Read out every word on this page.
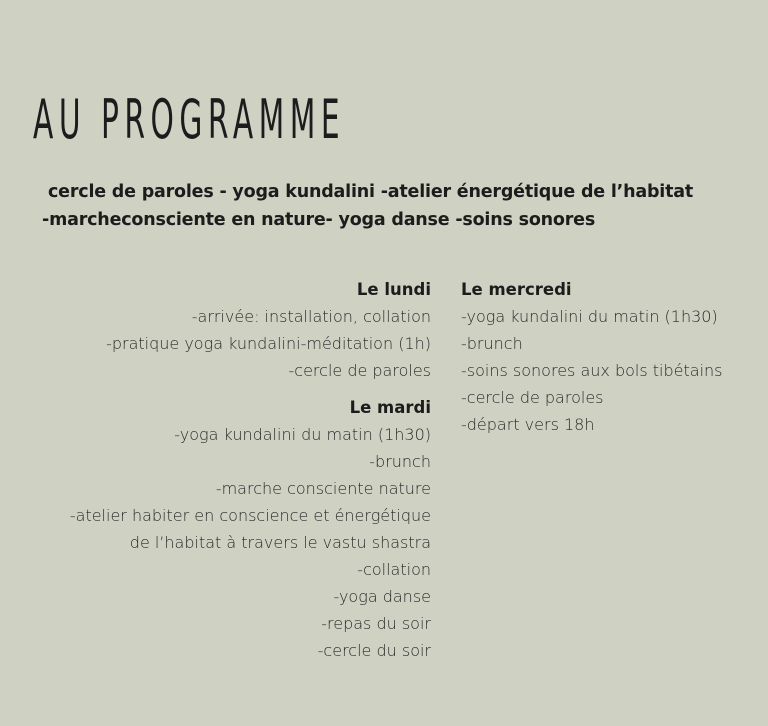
AU PROGRAMME
cercle de paroles - yoga kundalini -atelier énergétique de l’habitat
-marcheconsciente en nature- yoga danse -soins sonores
Le lundi
-arrivée: installation, collation
-pratique yoga kundalini-méditation (1h)
-cercle de paroles
Le mardi
-yoga kundalini du matin (1h30)
-brunch
-marche consciente nature
-atelier habiter en conscience et énergétique
de l’habitat à travers le vastu shastra
-collation
-yoga danse
-repas du soir
-cercle du soir
Le mercredi
-yoga kundalini du matin (1h30)
-brunch
-soins sonores aux bols tibétains
-cercle de paroles
-départ vers 18h
